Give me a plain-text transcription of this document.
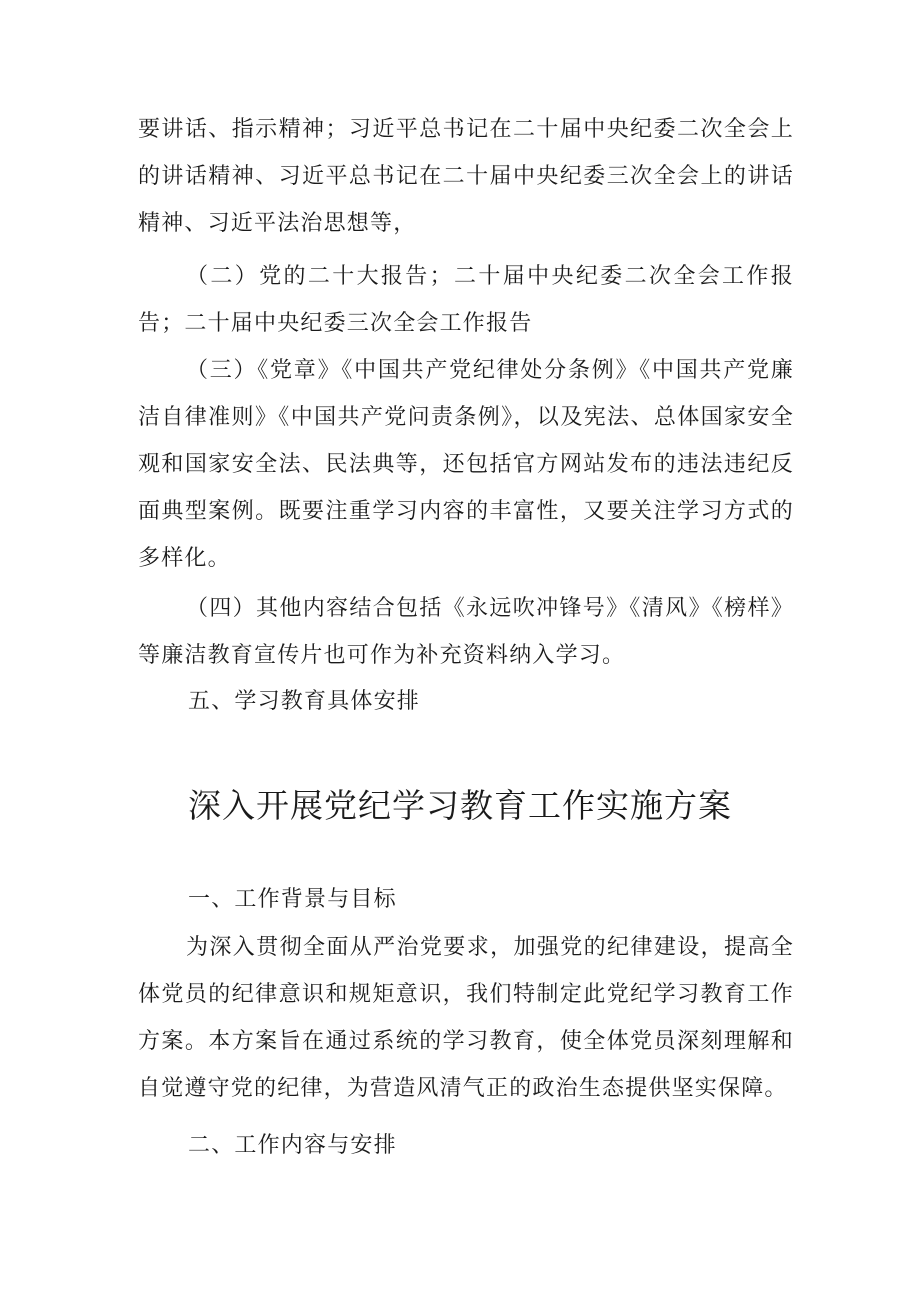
要讲话、指示精神；习近平总书记在二十届中央纪委二次全会上的讲话精神、习近平总书记在二十届中央纪委三次全会上的讲话精神、习近平法治思想等，

（二）党的二十大报告；二十届中央纪委二次全会工作报告；二十届中央纪委三次全会工作报告

（三）《党章》《中国共产党纪律处分条例》《中国共产党廉洁自律准则》《中国共产党问责条例》，以及宪法、总体国家安全观和国家安全法、民法典等，还包括官方网站发布的违法违纪反面典型案例。既要注重学习内容的丰富性，又要关注学习方式的多样化。

（四）其他内容结合包括《永远吹冲锋号》《清风》《榜样》等廉洁教育宣传片也可作为补充资料纳入学习。

五、学习教育具体安排

深入开展党纪学习教育工作实施方案

一、工作背景与目标

为深入贯彻全面从严治党要求，加强党的纪律建设，提高全体党员的纪律意识和规矩意识，我们特制定此党纪学习教育工作方案。本方案旨在通过系统的学习教育，使全体党员深刻理解和自觉遵守党的纪律，为营造风清气正的政治生态提供坚实保障。

二、工作内容与安排
